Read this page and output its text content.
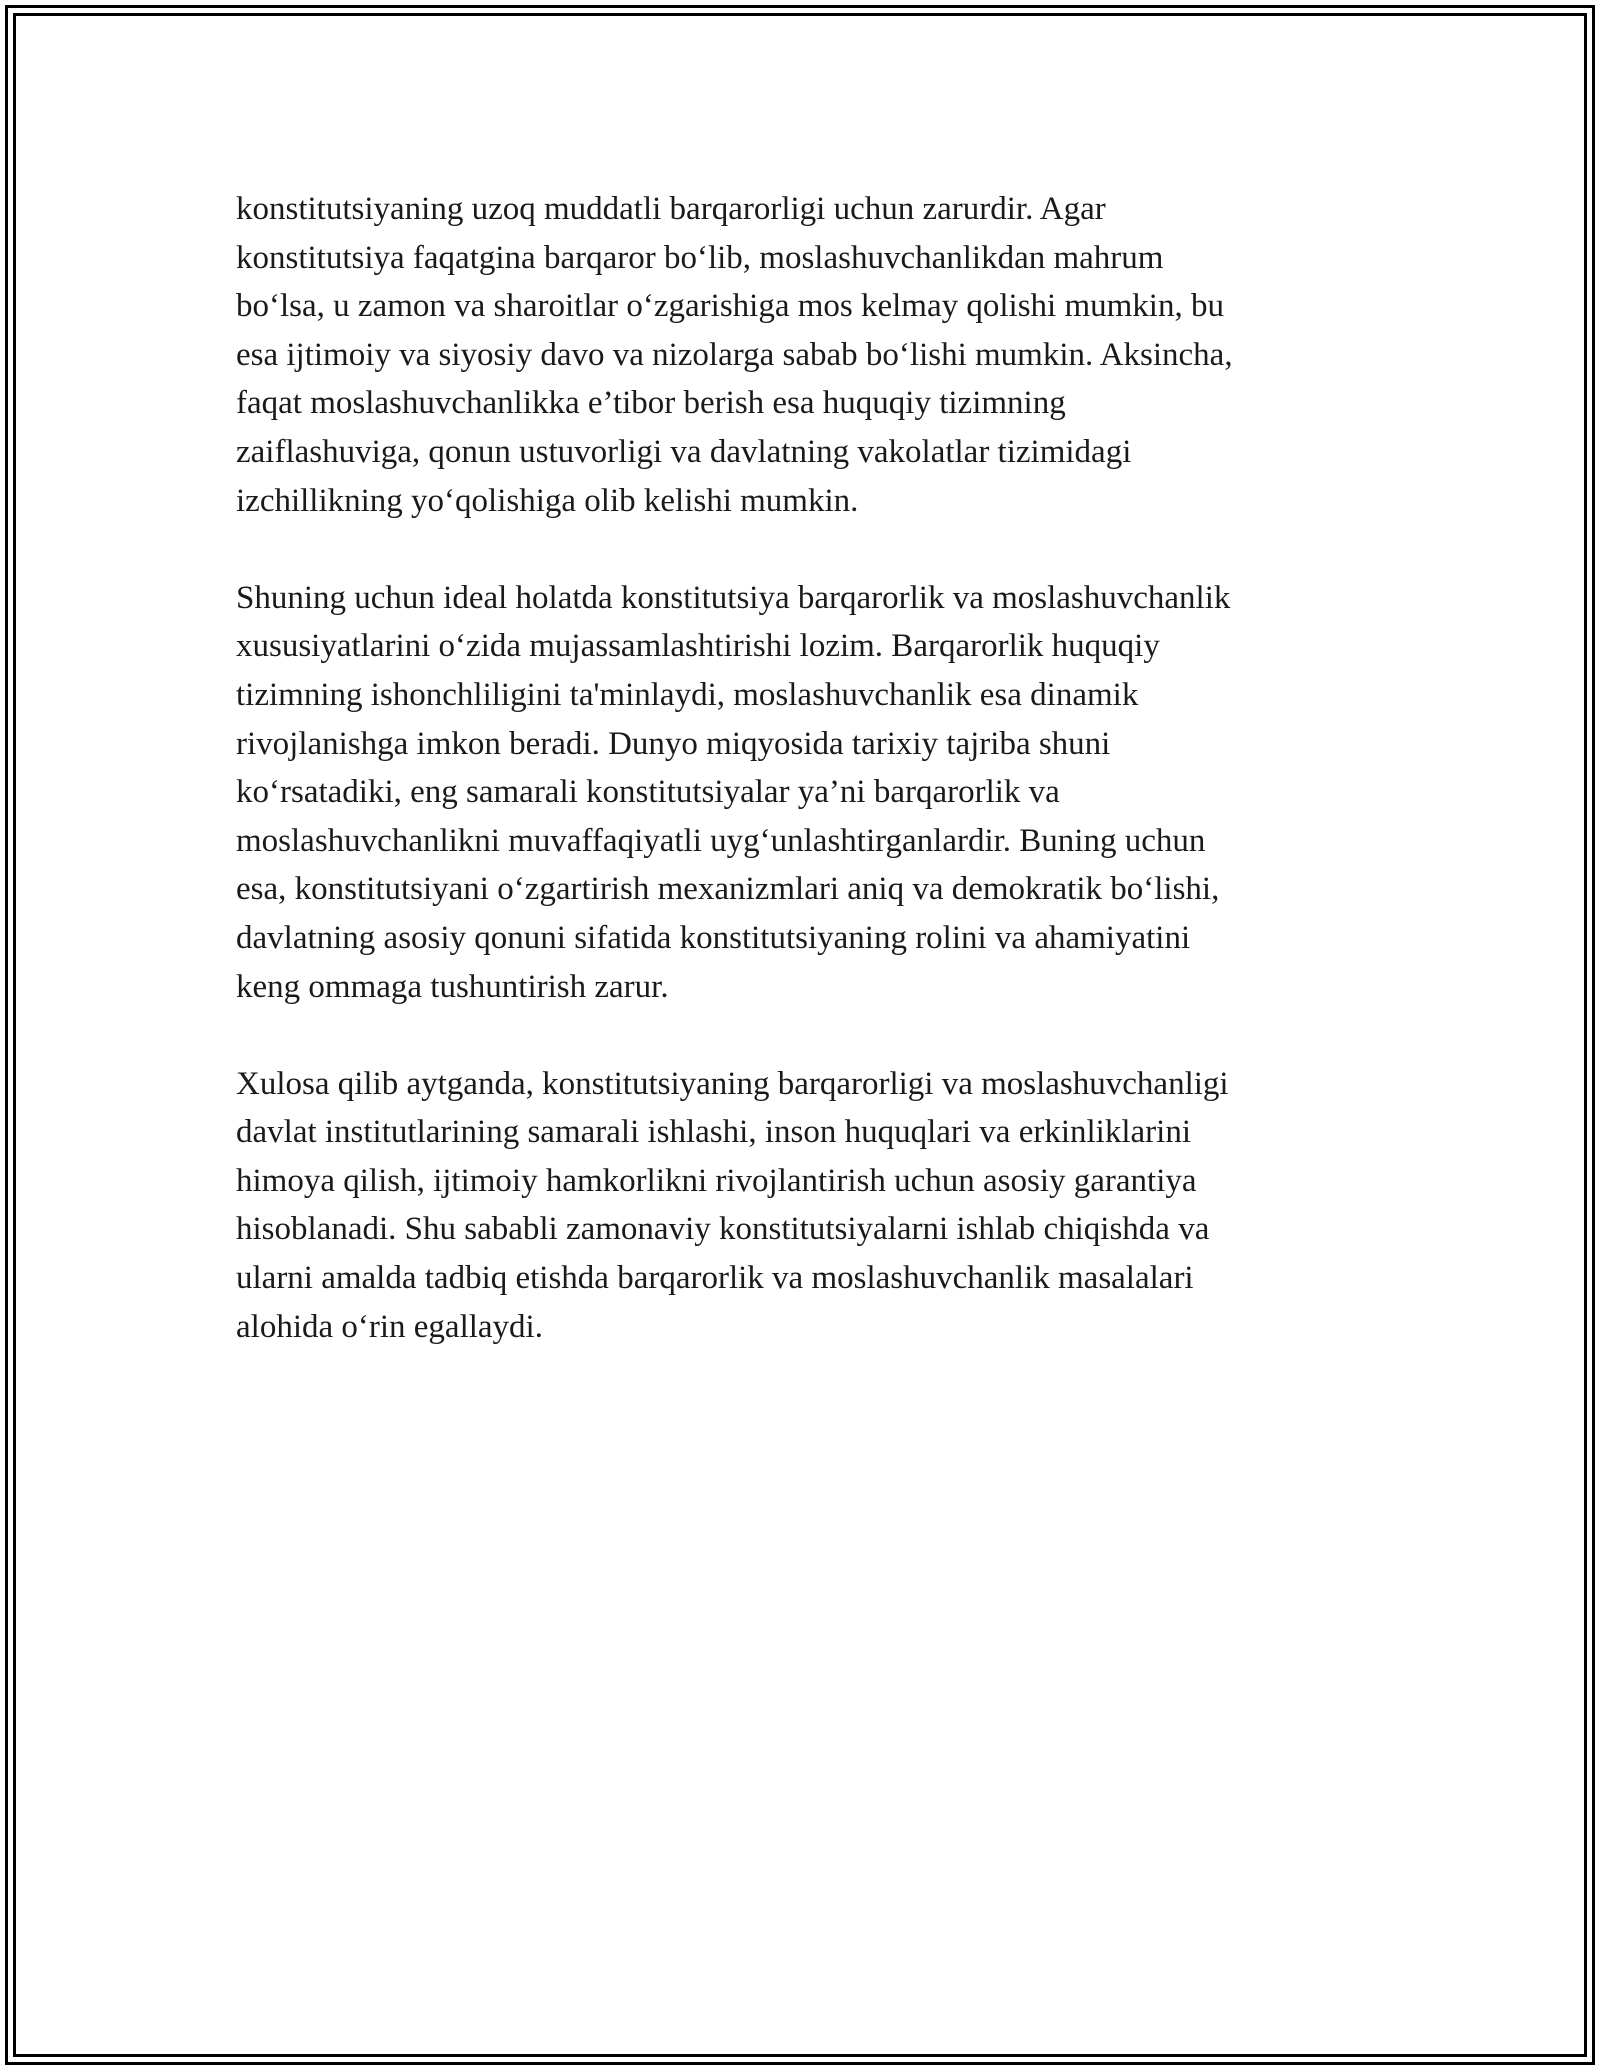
konstitutsiyaning uzoq muddatli barqarorligi uchun zarurdir. Agar
konstitutsiya faqatgina barqaror bo‘lib, moslashuvchanlikdan mahrum
bo‘lsa, u zamon va sharoitlar o‘zgarishiga mos kelmay qolishi mumkin, bu
esa ijtimoiy va siyosiy davo va nizolarga sabab bo‘lishi mumkin. Aksincha,
faqat moslashuvchanlikka e’tibor berish esa huquqiy tizimning
zaiflashuviga, qonun ustuvorligi va davlatning vakolatlar tizimidagi
izchillikning yo‘qolishiga olib kelishi mumkin.

Shuning uchun ideal holatda konstitutsiya barqarorlik va moslashuvchanlik
xususiyatlarini o‘zida mujassamlashtirishi lozim. Barqarorlik huquqiy
tizimning ishonchliligini ta'minlaydi, moslashuvchanlik esa dinamik
rivojlanishga imkon beradi. Dunyo miqyosida tarixiy tajriba shuni
ko‘rsatadiki, eng samarali konstitutsiyalar ya’ni barqarorlik va
moslashuvchanlikni muvaffaqiyatli uyg‘unlashtirganlardir. Buning uchun
esa, konstitutsiyani o‘zgartirish mexanizmlari aniq va demokratik bo‘lishi,
davlatning asosiy qonuni sifatida konstitutsiyaning rolini va ahamiyatini
keng ommaga tushuntirish zarur.

Xulosa qilib aytganda, konstitutsiyaning barqarorligi va moslashuvchanligi
davlat institutlarining samarali ishlashi, inson huquqlari va erkinliklarini
himoya qilish, ijtimoiy hamkorlikni rivojlantirish uchun asosiy garantiya
hisoblanadi. Shu sababli zamonaviy konstitutsiyalarni ishlab chiqishda va
ularni amalda tadbiq etishda barqarorlik va moslashuvchanlik masalalari
alohida o‘rin egallaydi.
